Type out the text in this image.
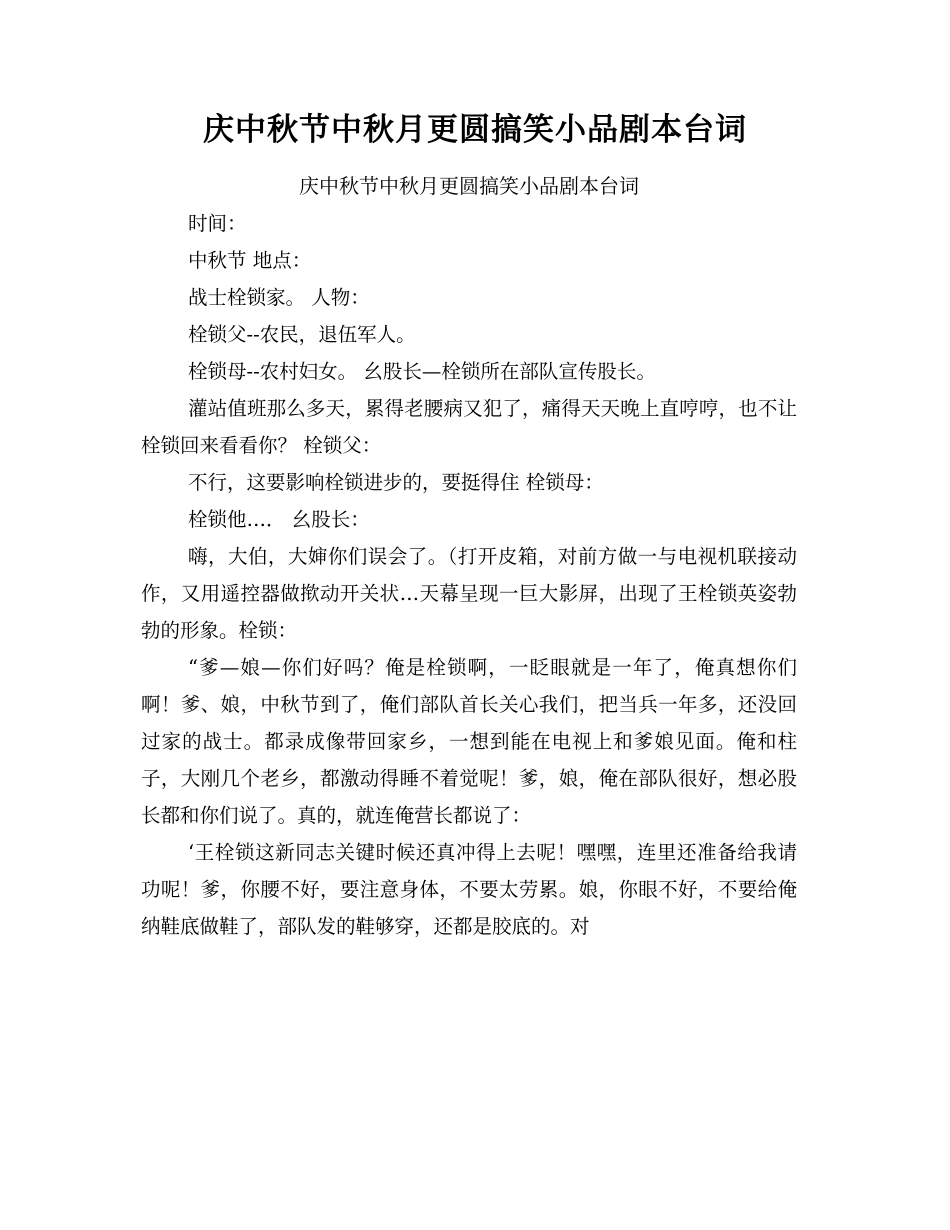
庆中秋节中秋月更圆搞笑小品剧本台词

庆中秋节中秋月更圆搞笑小品剧本台词

时间：

中秋节 地点：

战士栓锁家。 人物：

栓锁父--农民，退伍军人。

栓锁母--农村妇女。 幺股长—栓锁所在部队宣传股长。

灌站值班那么多天，累得老腰病又犯了，痛得天天晚上直哼哼，也不让栓锁回来看看你？ 栓锁父：

不行，这要影响栓锁进步的，要挺得住 栓锁母：

栓锁他…． 幺股长：

嗨，大伯，大婶你们误会了。（打开皮箱，对前方做一与电视机联接动作，又用遥控器做揿动开关状…天幕呈现一巨大影屏，出现了王栓锁英姿勃勃的形象。栓锁：

“爹—娘—你们好吗？俺是栓锁啊，一眨眼就是一年了，俺真想你们啊！爹、娘，中秋节到了，俺们部队首长关心我们，把当兵一年多，还没回过家的战士。都录成像带回家乡，一想到能在电视上和爹娘见面。俺和柱子，大刚几个老乡，都激动得睡不着觉呢！爹，娘，俺在部队很好，想必股长都和你们说了。真的，就连俺营长都说了：

‘王栓锁这新同志关键时候还真冲得上去呢！嘿嘿，连里还准备给我请功呢！爹，你腰不好，要注意身体，不要太劳累。娘，你眼不好，不要给俺纳鞋底做鞋了，部队发的鞋够穿，还都是胶底的。对
